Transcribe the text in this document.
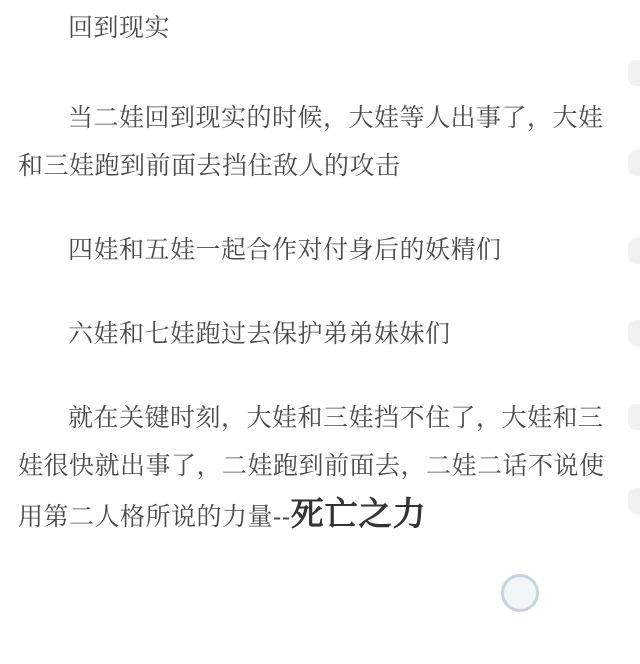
回到现实

当二娃回到现实的时候，大娃等人出事了，大娃和三娃跑到前面去挡住敌人的攻击

四娃和五娃一起合作对付身后的妖精们

六娃和七娃跑过去保护弟弟妹妹们

就在关键时刻，大娃和三娃挡不住了，大娃和三娃很快就出事了，二娃跑到前面去，二娃二话不说使用第二人格所说的力量--死亡之力
